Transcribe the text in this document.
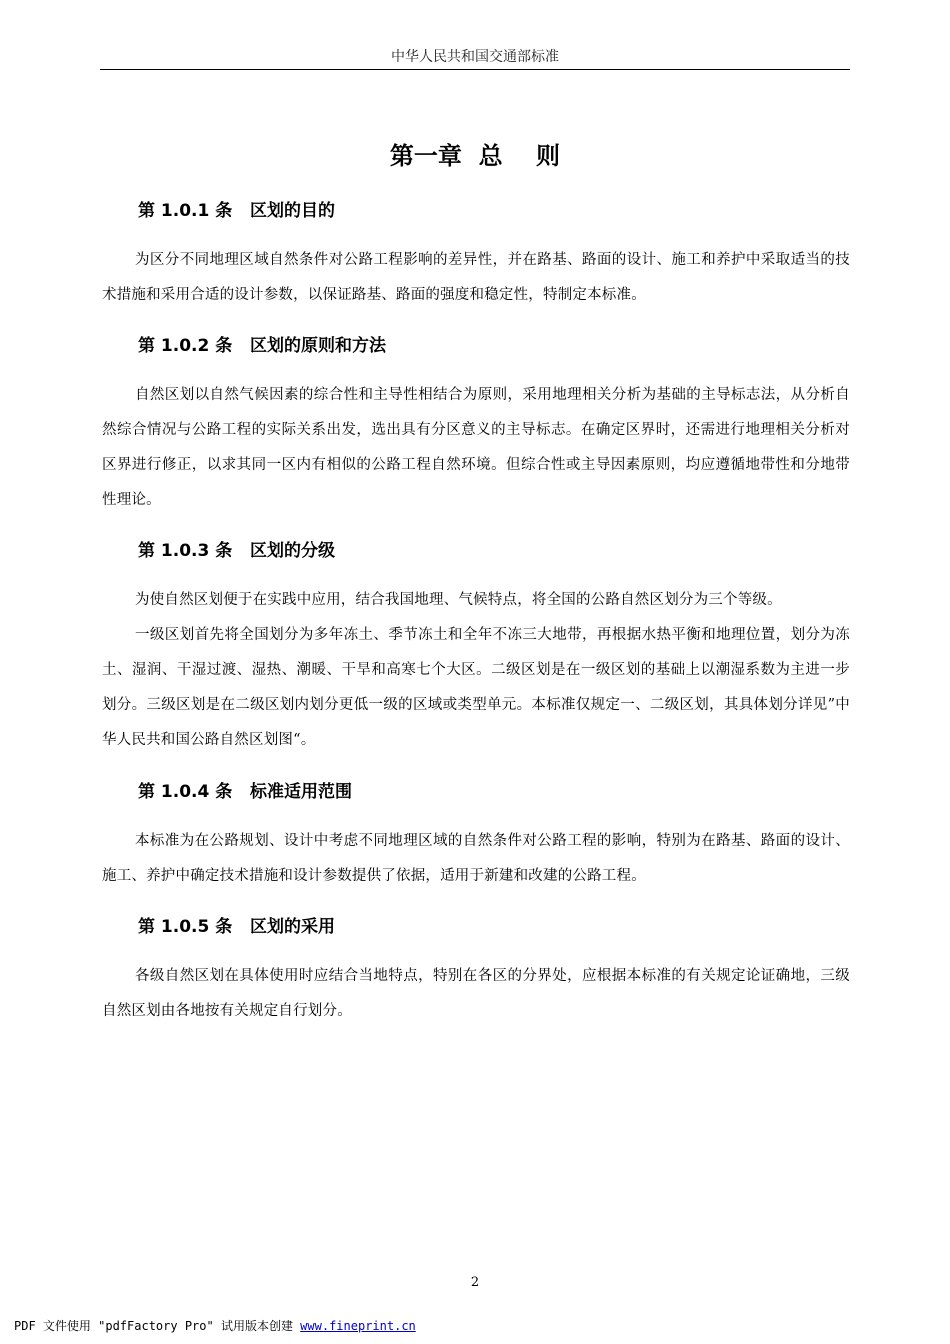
中华人民共和国交通部标准
第一章  总    则
第 1.0.1 条   区划的目的
为区分不同地理区域自然条件对公路工程影响的差异性，并在路基、路面的设计、施工和养护中采取适当的技术措施和采用合适的设计参数，以保证路基、路面的强度和稳定性，特制定本标准。
第 1.0.2 条   区划的原则和方法
自然区划以自然气候因素的综合性和主导性相结合为原则，采用地理相关分析为基础的主导标志法，从分析自然综合情况与公路工程的实际关系出发，选出具有分区意义的主导标志。在确定区界时，还需进行地理相关分析对区界进行修正，以求其同一区内有相似的公路工程自然环境。但综合性或主导因素原则，均应遵循地带性和分地带性理论。
第 1.0.3 条   区划的分级
为使自然区划便于在实践中应用，结合我国地理、气候特点，将全国的公路自然区划分为三个等级。
一级区划首先将全国划分为多年冻土、季节冻土和全年不冻三大地带，再根据水热平衡和地理位置，划分为冻土、湿润、干湿过渡、湿热、潮暖、干旱和高寒七个大区。二级区划是在一级区划的基础上以潮湿系数为主进一步划分。三级区划是在二级区划内划分更低一级的区域或类型单元。本标准仅规定一、二级区划，其具体划分详见”中华人民共和国公路自然区划图“。
第 1.0.4 条   标准适用范围
本标准为在公路规划、设计中考虑不同地理区域的自然条件对公路工程的影响，特别为在路基、路面的设计、施工、养护中确定技术措施和设计参数提供了依据，适用于新建和改建的公路工程。
第 1.0.5 条   区划的采用
各级自然区划在具体使用时应结合当地特点，特别在各区的分界处，应根据本标准的有关规定论证确地，三级自然区划由各地按有关规定自行划分。
2
PDF 文件使用 "pdfFactory Pro" 试用版本创建 www.fineprint.cn
